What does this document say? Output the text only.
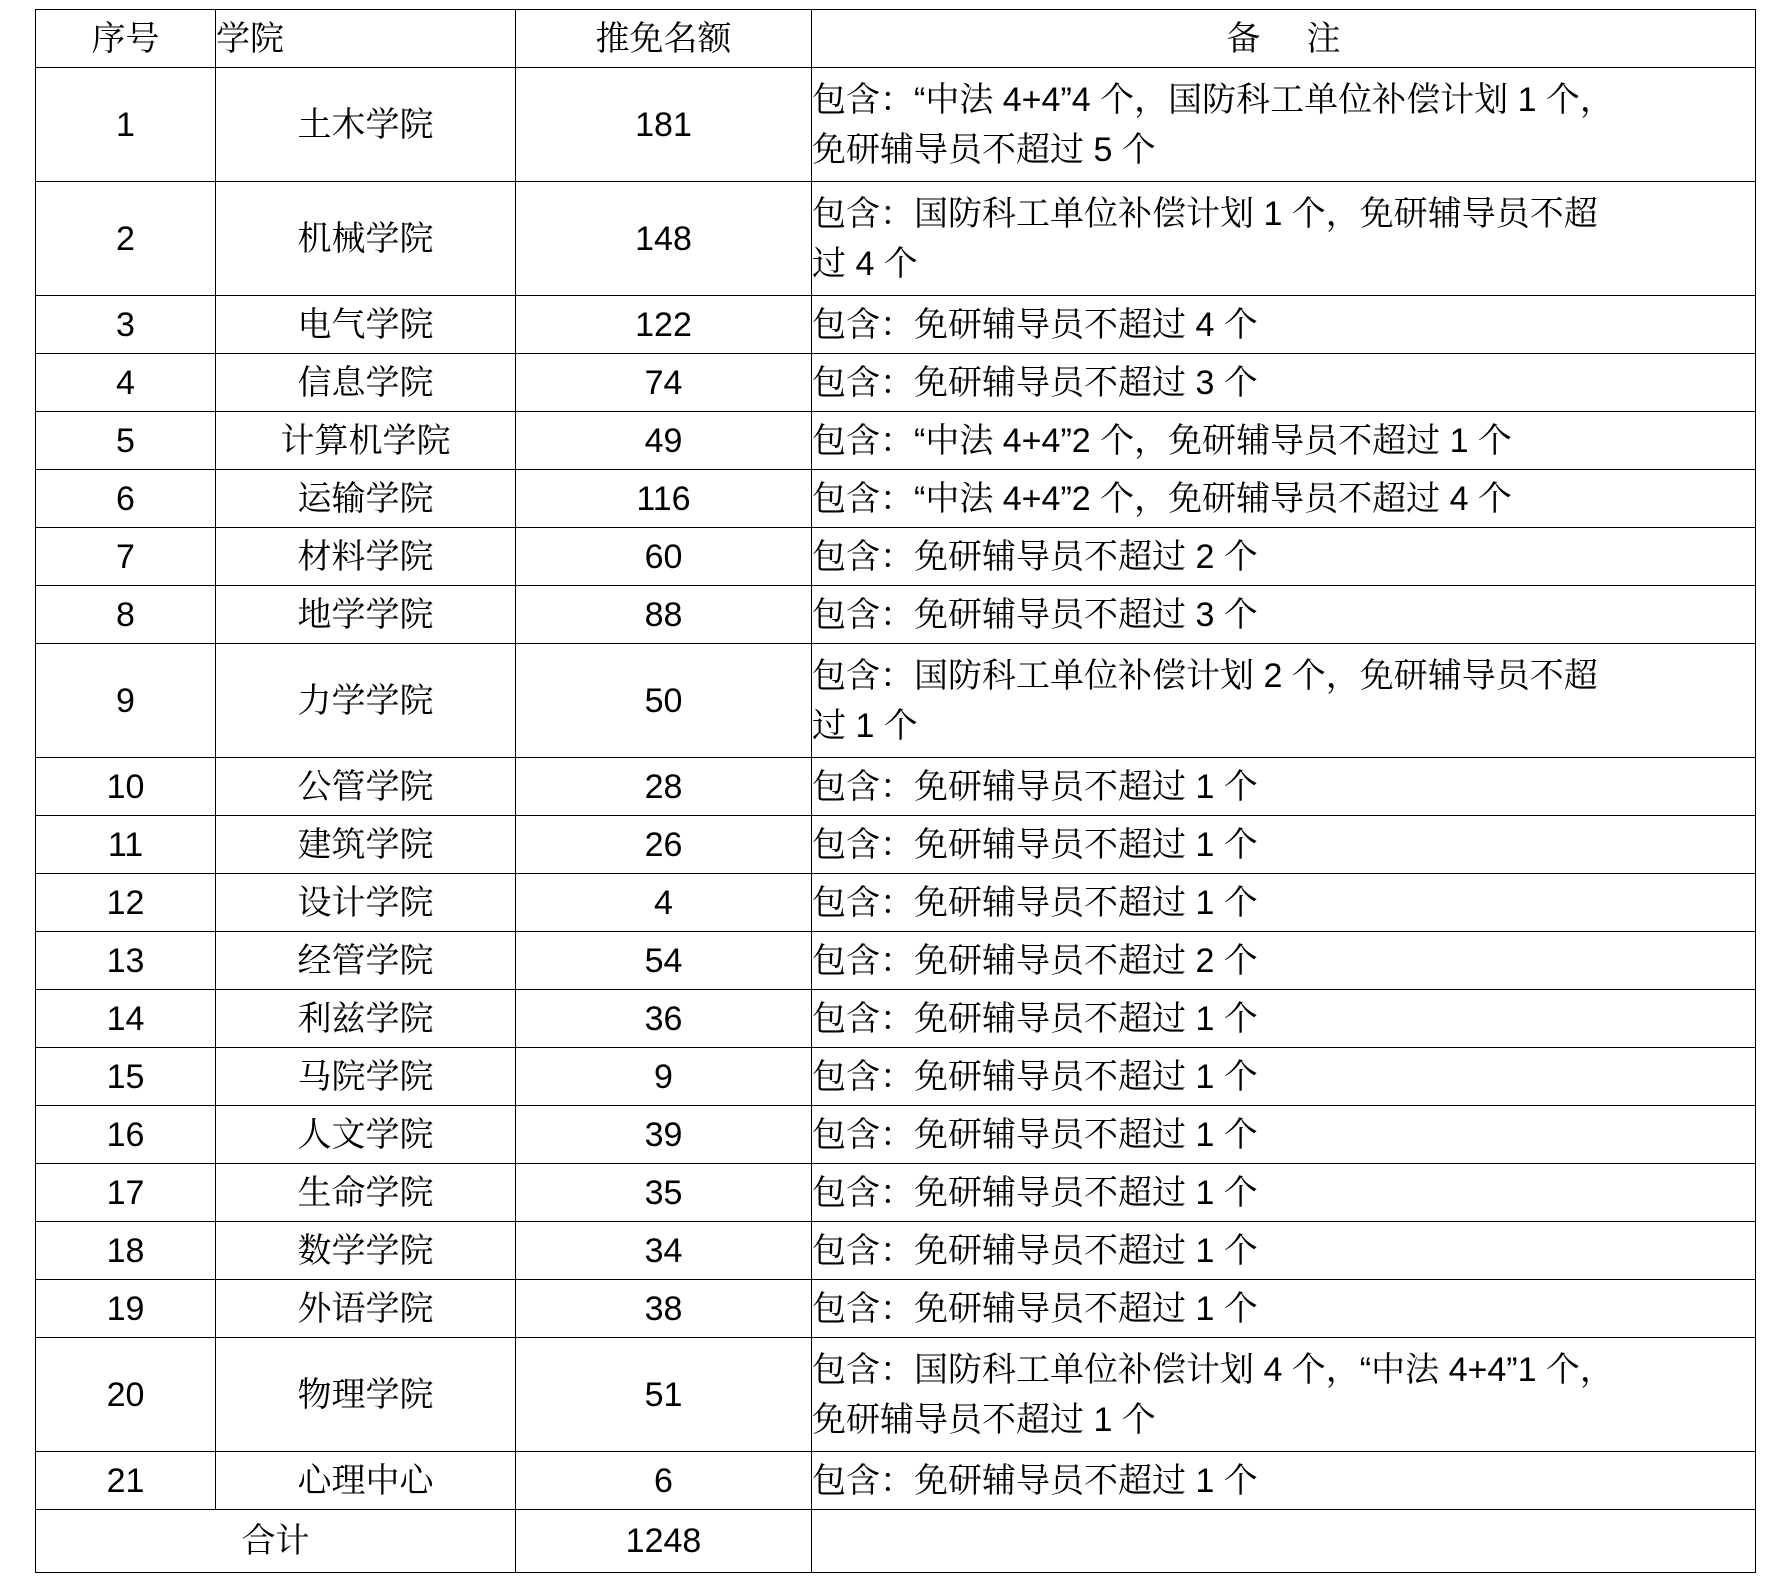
序号	学院	推免名额	备 注
1	土木学院	181	包含：“中法 4+4”4 个，国防科工单位补偿计划 1 个，
免研辅导员不超过 5 个

2	机械学院	148	包含：国防科工单位补偿计划 1 个，免研辅导员不超
过 4 个

3	电气学院	122	包含：免研辅导员不超过 4 个

4	信息学院	74	包含：免研辅导员不超过 3 个

5	计算机学院	49	包含：“中法 4+4”2 个，免研辅导员不超过 1 个

6	运输学院	116	包含：“中法 4+4”2 个，免研辅导员不超过 4 个

7	材料学院	60	包含：免研辅导员不超过 2 个

8	地学学院	88	包含：免研辅导员不超过 3 个

9	力学学院	50	包含：国防科工单位补偿计划 2 个，免研辅导员不超
过 1 个

10	公管学院	28	包含：免研辅导员不超过 1 个

11	建筑学院	26	包含：免研辅导员不超过 1 个

12	设计学院	4	包含：免研辅导员不超过 1 个

13	经管学院	54	包含：免研辅导员不超过 2 个

14	利兹学院	36	包含：免研辅导员不超过 1 个

15	马院学院	9	包含：免研辅导员不超过 1 个

16	人文学院	39	包含：免研辅导员不超过 1 个

17	生命学院	35	包含：免研辅导员不超过 1 个

18	数学学院	34	包含：免研辅导员不超过 1 个

19	外语学院	38	包含：免研辅导员不超过 1 个

20	物理学院	51	包含：国防科工单位补偿计划 4 个，“中法 4+4”1 个，
免研辅导员不超过 1 个

21	心理中心	6	包含：免研辅导员不超过 1 个

合计		1248	
